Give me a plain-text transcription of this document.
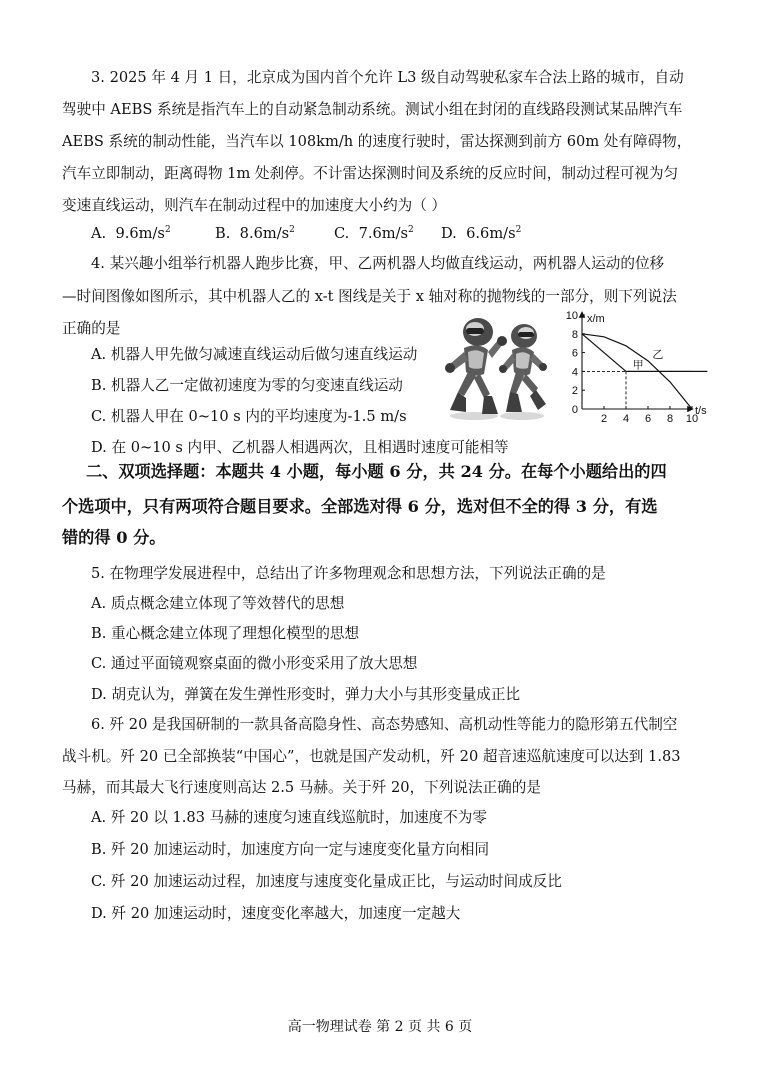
3. 2025 年 4 月 1 日，北京成为国内首个允许 L3 级自动驾驶私家车合法上路的城市，自动
驾驶中 AEBS 系统是指汽车上的自动紧急制动系统。测试小组在封闭的直线路段测试某品牌汽车
AEBS 系统的制动性能，当汽车以 108km/h 的速度行驶时，雷达探测到前方 60m 处有障碍物，
汽车立即制动，距离碍物 1m 处刹停。不计雷达探测时间及系统的反应时间，制动过程可视为匀
变速直线运动，则汽车在制动过程中的加速度大小约为（ ）
A. $9.6m/s^2$	B. $8.6m/s^2$	C. $7.6m/s^2$ D. $6.6m/s^2$
4. 某兴趣小组举行机器人跑步比赛，甲、乙两机器人均做直线运动，两机器人运动的位移
—时间图像如图所示，其中机器人乙的 x-t 图线是关于 x 轴对称的抛物线的一部分，则下列说法
正确的是
A. 机器人甲先做匀减速直线运动后做匀速直线运动
B. 机器人乙一定做初速度为零的匀变速直线运动
C. 机器人甲在 0~10 s 内的平均速度为-1.5 m/s
D. 在 0~10 s 内甲、乙机器人相遇两次，且相遇时速度可能相等
x/m
t/s
10
8
6
4
2
0
2 4 6 8 10
乙
甲
二、双项选择题：本题共 4 小题，每小题 6 分，共 24 分。在每个小题给出的四
个选项中，只有两项符合题目要求。全部选对得 6 分，选对但不全的得 3 分，有选
错的得 0 分。
5. 在物理学发展进程中，总结出了许多物理观念和思想方法，下列说法正确的是
A. 质点概念建立体现了等效替代的思想
B. 重心概念建立体现了理想化模型的思想
C. 通过平面镜观察桌面的微小形变采用了放大思想
D. 胡克认为，弹簧在发生弹性形变时，弹力大小与其形变量成正比
6. 歼 20 是我国研制的一款具备高隐身性、高态势感知、高机动性等能力的隐形第五代制空
战斗机。歼 20 已全部换装“中国心”，也就是国产发动机，歼 20 超音速巡航速度可以达到 1.83
马赫，而其最大飞行速度则高达 2.5 马赫。关于歼 20，下列说法正确的是
A. 歼 20 以 1.83 马赫的速度匀速直线巡航时，加速度不为零
B. 歼 20 加速运动时，加速度方向一定与速度变化量方向相同
C. 歼 20 加速运动过程，加速度与速度变化量成正比，与运动时间成反比
D. 歼 20 加速运动时，速度变化率越大，加速度一定越大
高一物理试卷 第 2 页 共 6 页
